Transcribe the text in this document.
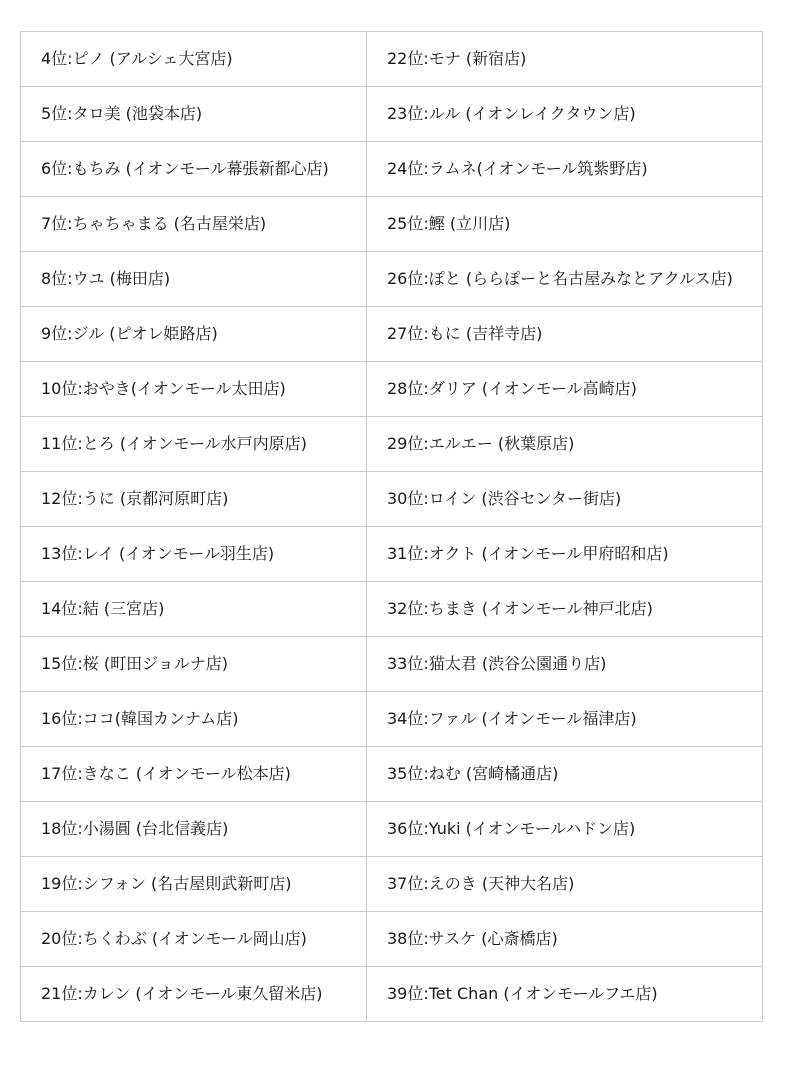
4位:ピノ (アルシェ大宮店)	22位:モナ (新宿店)
5位:タロ美 (池袋本店)	23位:ルル (イオンレイクタウン店)
6位:もちみ (イオンモール幕張新都心店)	24位:ラムネ(イオンモール筑紫野店)
7位:ちゃちゃまる (名古屋栄店)	25位:鰹 (立川店)
8位:ウユ (梅田店)	26位:ぽと (ららぽーと名古屋みなとアクルス店)
9位:ジル (ピオレ姫路店)	27位:もに (吉祥寺店)
10位:おやき(イオンモール太田店)	28位:ダリア (イオンモール高崎店)
11位:とろ (イオンモール水戸内原店)	29位:エルエー (秋葉原店)
12位:うに (京都河原町店)	30位:ロイン (渋谷センター街店)
13位:レイ (イオンモール羽生店)	31位:オクト (イオンモール甲府昭和店)
14位:結 (三宮店)	32位:ちまき (イオンモール神戸北店)
15位:桜 (町田ジョルナ店)	33位:猫太君 (渋谷公園通り店)
16位:ココ(韓国カンナム店)	34位:ファル (イオンモール福津店)
17位:きなこ (イオンモール松本店)	35位:ねむ (宮崎橘通店)
18位:小湯圓 (台北信義店)	36位:Yuki (イオンモールハドン店)
19位:シフォン (名古屋則武新町店)	37位:えのき (天神大名店)
20位:ちくわぶ (イオンモール岡山店)	38位:サスケ (心斎橋店)
21位:カレン (イオンモール東久留米店)	39位:Tet Chan (イオンモールフエ店)
